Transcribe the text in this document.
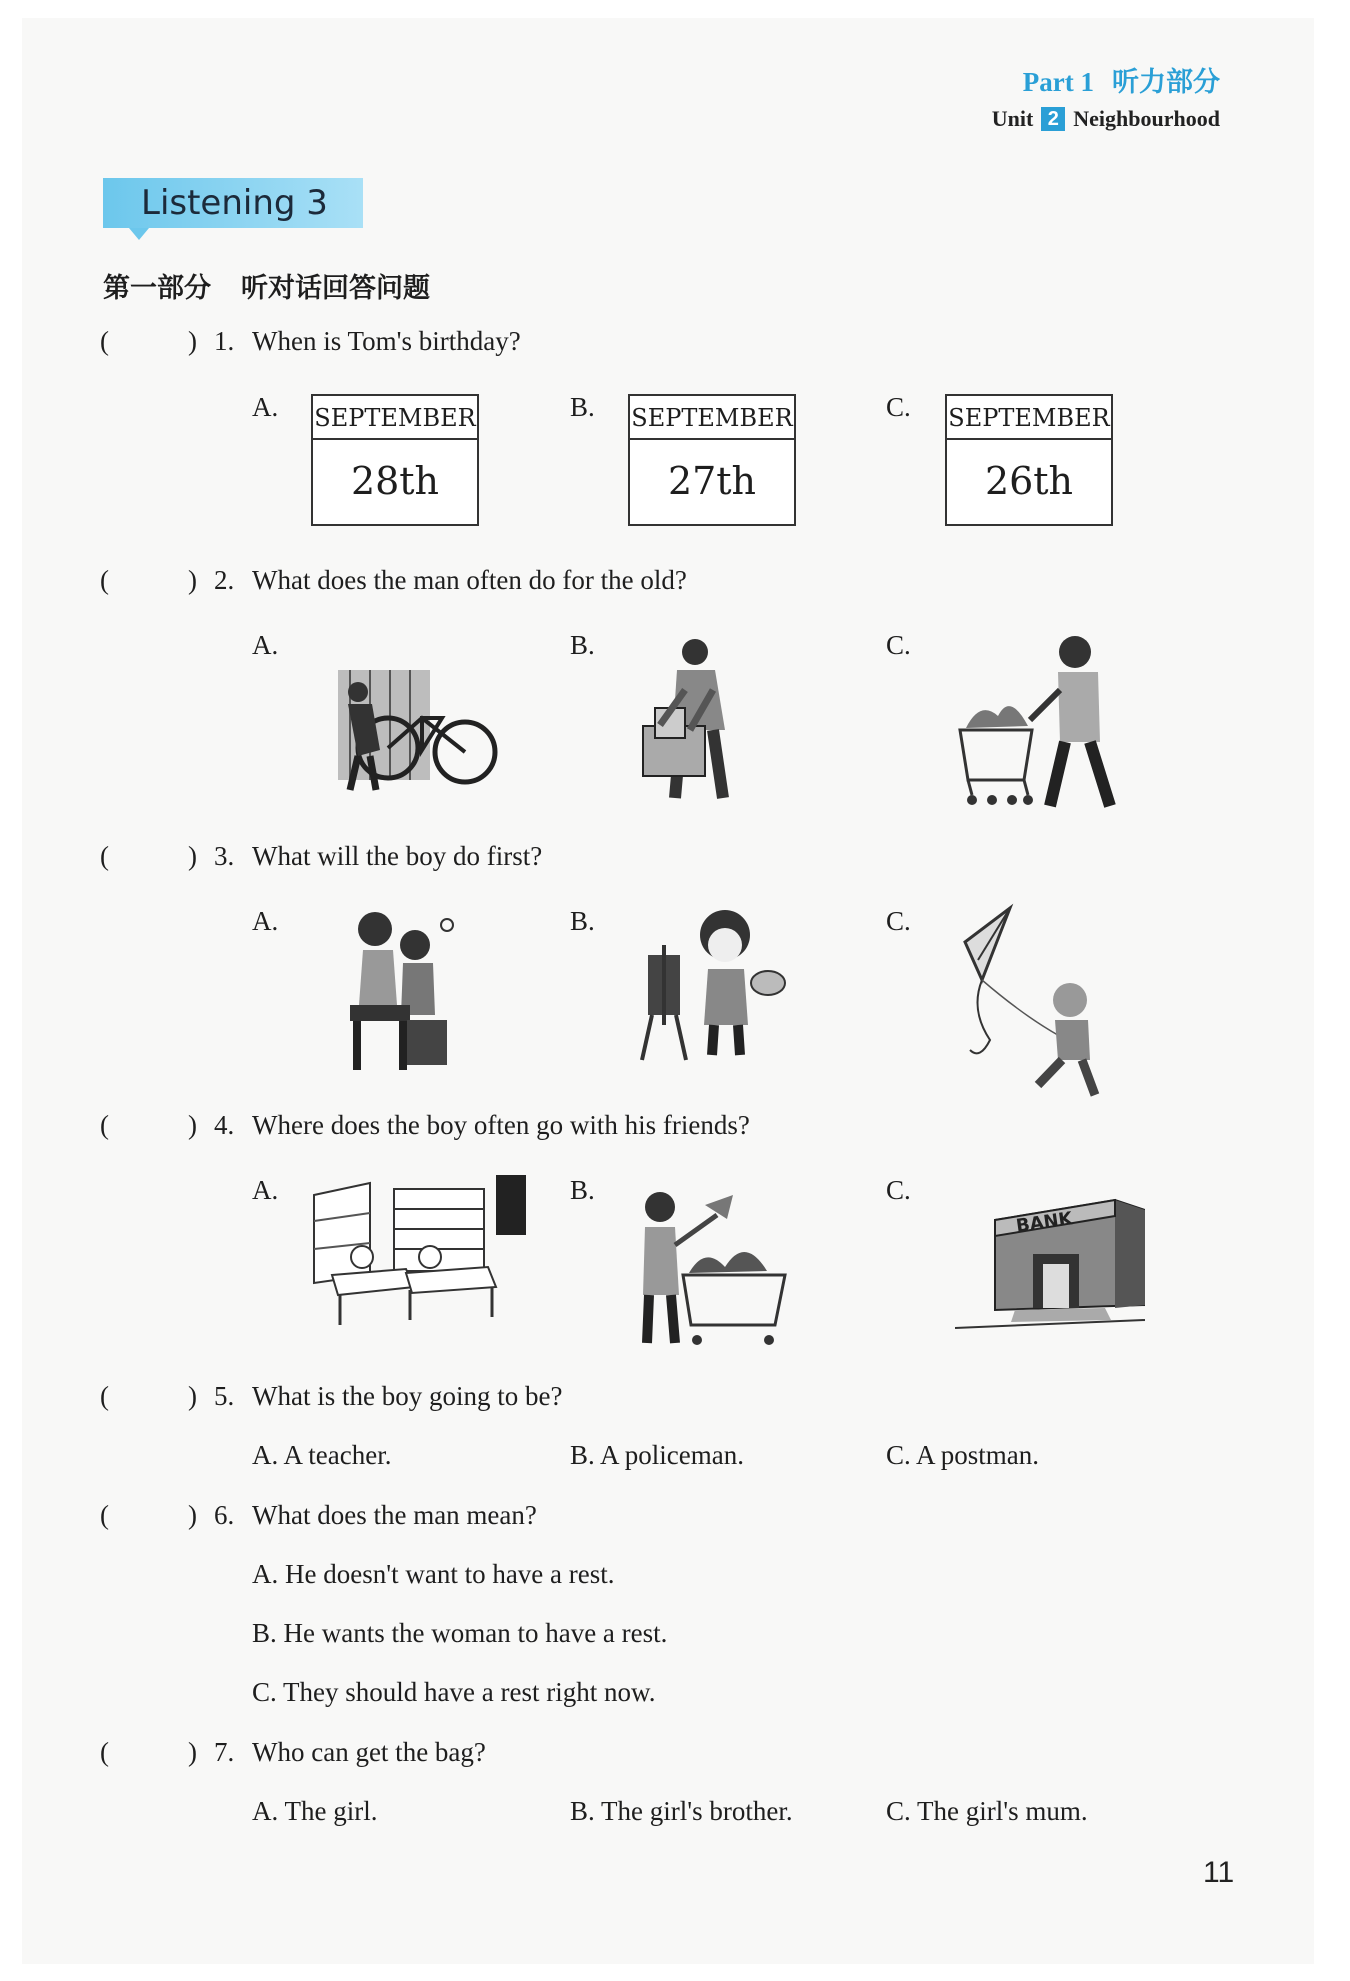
Part 1 听力部分
Unit 2 Neighbourhood
Listening 3
第一部分 听对话回答问题
(	) 1. When is Tom's birthday?
A.	B.	C.
SEPTEMBER
28th
SEPTEMBER
27th
SEPTEMBER
26th
(	) 2. What does the man often do for the old?
A.	B.	C.
(	) 3. What will the boy do first?
A.	B.	C.
(	) 4. Where does the boy often go with his friends?
A.	B.	C.
BANK
(	) 5. What is the boy going to be?
A. A teacher.	B. A policeman.	C. A postman.
(	) 6. What does the man mean?
A. He doesn't want to have a rest.
B. He wants the woman to have a rest.
C. They should have a rest right now.
(	) 7. Who can get the bag?
A. The girl.	B. The girl's brother.	C. The girl's mum.
11
